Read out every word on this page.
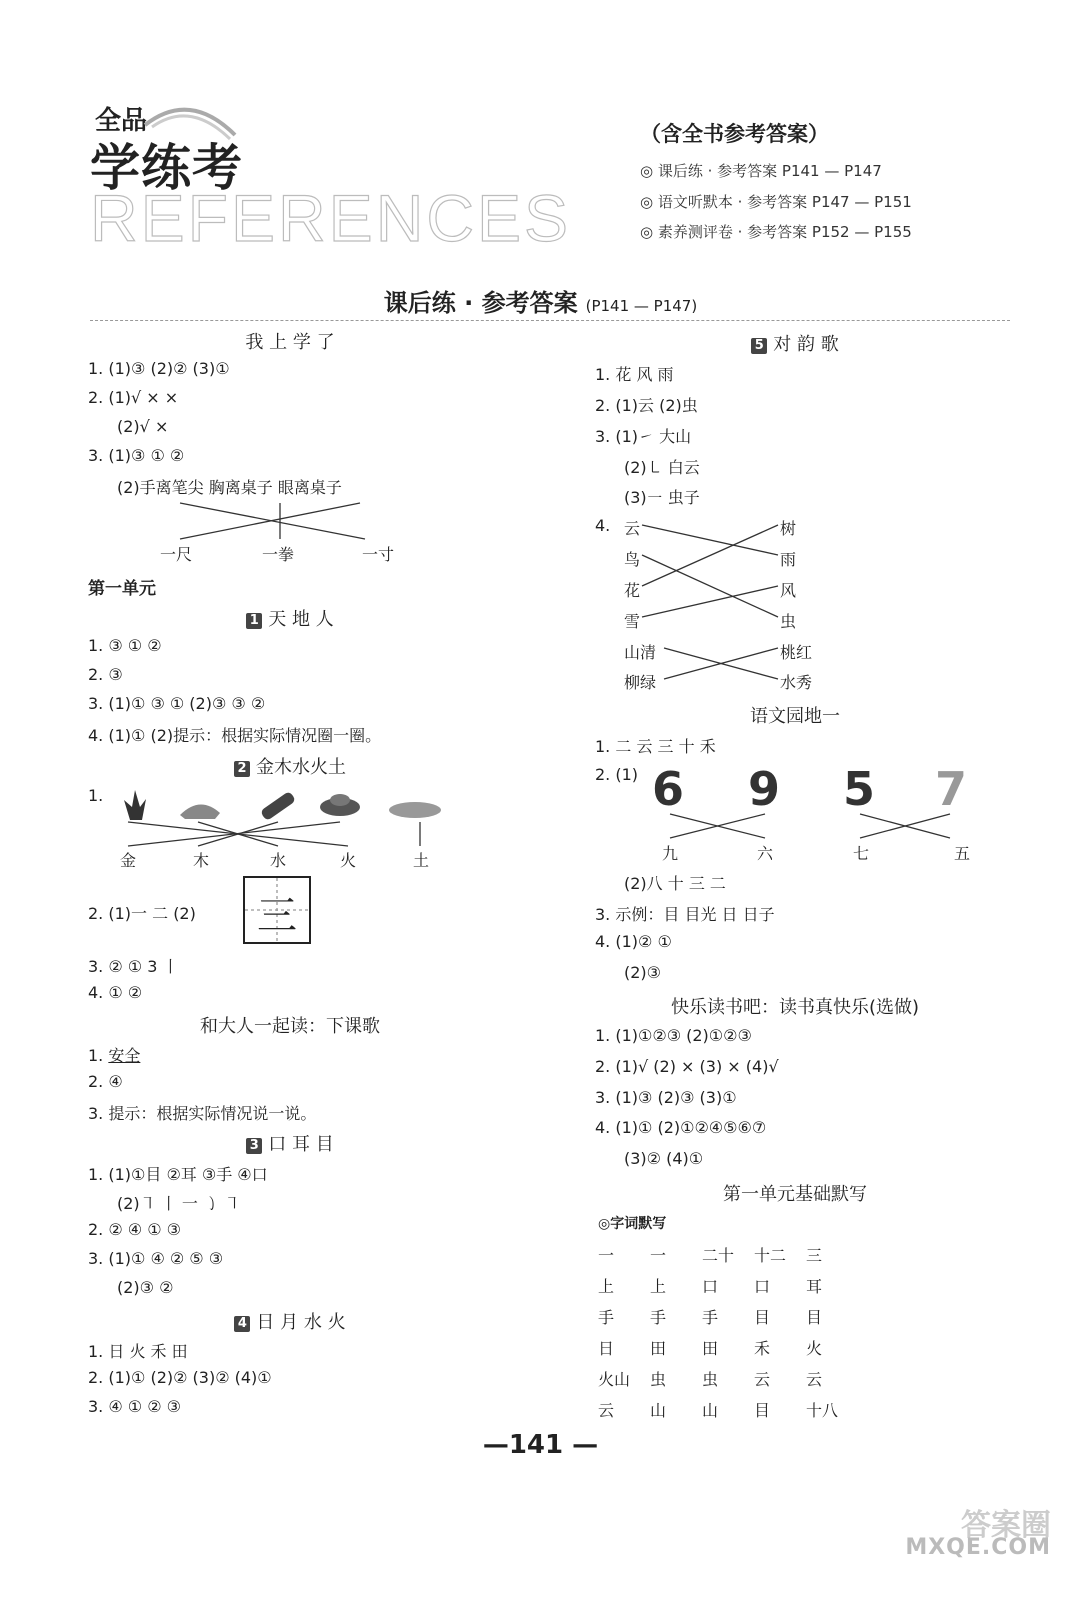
全品
学练考
REFERENCES
（含全书参考答案）
◎ 课后练 · 参考答案 P141 — P147
◎ 语文听默本 · 参考答案 P147 — P151
◎ 素养测评卷 · 参考答案 P152 — P155
课后练 · 参考答案 (P141 — P147)
我 上 学 了
1. (1)③ (2)② (3)①
2. (1)√ × ×
(2)√ ×
3. (1)③ ① ②
(2)手离笔尖 胸离桌子 眼离桌子
一尺	一拳	一寸
第一单元
1 天 地 人
1. ③ ① ②
2. ③
3. (1)① ③ ① (2)③ ③ ②
4. (1)① (2)提示：根据实际情况圈一圈。
2 金木水火土
1.
金	木	水	火	土
2. (1)一 二 (2)	三
3. ② ① 3 丨
4. ① ②
和大人一起读：下课歌
1. 安全
2. ④
3. 提示：根据实际情况说一说。
3 口 耳 目
1. (1)①目 ②耳 ③手 ④口
(2)㇕ 丨 一 ㇁ ㇕
2. ② ④ ① ③
3. (1)① ④ ② ⑤ ③
(2)③ ②
4 日 月 水 火
1. 日 火 禾 田
2. (1)① (2)② (3)② (4)①
3. ④ ① ② ③
5 对 韵 歌
1. 花 风 雨
2. (1)云 (2)虫
3. (1)㇀ 大山
(2)㇄ 白云
(3)㇐ 虫子
4. 云
鸟
花
雪
山清
柳绿
树
雨
风
虫
桃红
水秀
语文园地一
1. 二 云 三 十 禾
2. (1) 6 9 5 7
九	六	七	五
(2)八 十 三 二
3. 示例：目 目光 日 日子
4. (1)② ①
(2)③
快乐读书吧：读书真快乐(选做)
1. (1)①②③ (2)①②③
2. (1)√ (2) × (3) × (4)√
3. (1)③ (2)③ (3)①
4. (1)① (2)①②④⑤⑥⑦
(3)② (4)①
第一单元基础默写
◎字词默写
一 一 二十 十二 三
上 上 口 口 耳
手 手 手 目 目
日 田 田 禾 火
火山 虫 虫 云 云
云 山 山 目 十八
—141 —
答案圈
MXQE.COM
